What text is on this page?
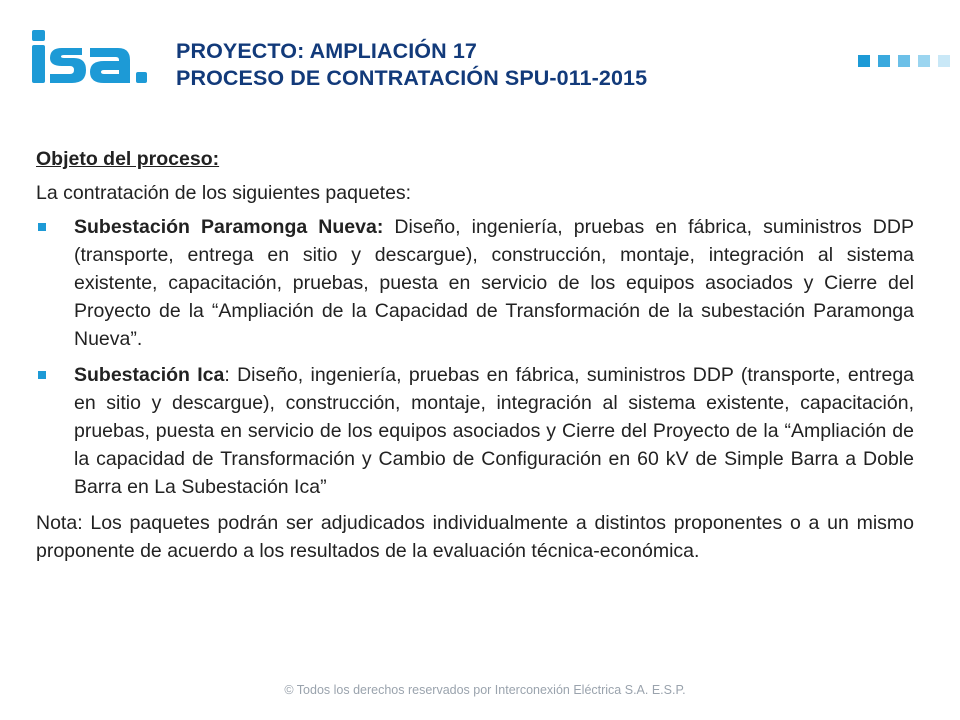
PROYECTO: AMPLIACIÓN 17
PROCESO DE CONTRATACIÓN SPU-011-2015

Objeto del proceso:

La contratación de los siguientes paquetes:

Subestación Paramonga Nueva: Diseño, ingeniería, pruebas en fábrica, suministros DDP (transporte, entrega en sitio y descargue), construcción, montaje, integración al sistema existente, capacitación, pruebas, puesta en servicio de los equipos asociados y Cierre del Proyecto de la “Ampliación de la Capacidad de Transformación de la subestación Paramonga Nueva”.
Subestación Ica: Diseño, ingeniería, pruebas en fábrica, suministros DDP (transporte, entrega en sitio y descargue), construcción, montaje, integración al sistema existente, capacitación, pruebas, puesta en servicio de los equipos asociados y Cierre del Proyecto de la “Ampliación de la capacidad de Transformación y Cambio de Configuración en 60 kV de Simple Barra a Doble Barra en La Subestación Ica”

Nota: Los paquetes podrán ser adjudicados individualmente a distintos proponentes o a un mismo proponente de acuerdo a los resultados de la evaluación técnica-económica.

© Todos los derechos reservados por Interconexión Eléctrica S.A. E.S.P.
